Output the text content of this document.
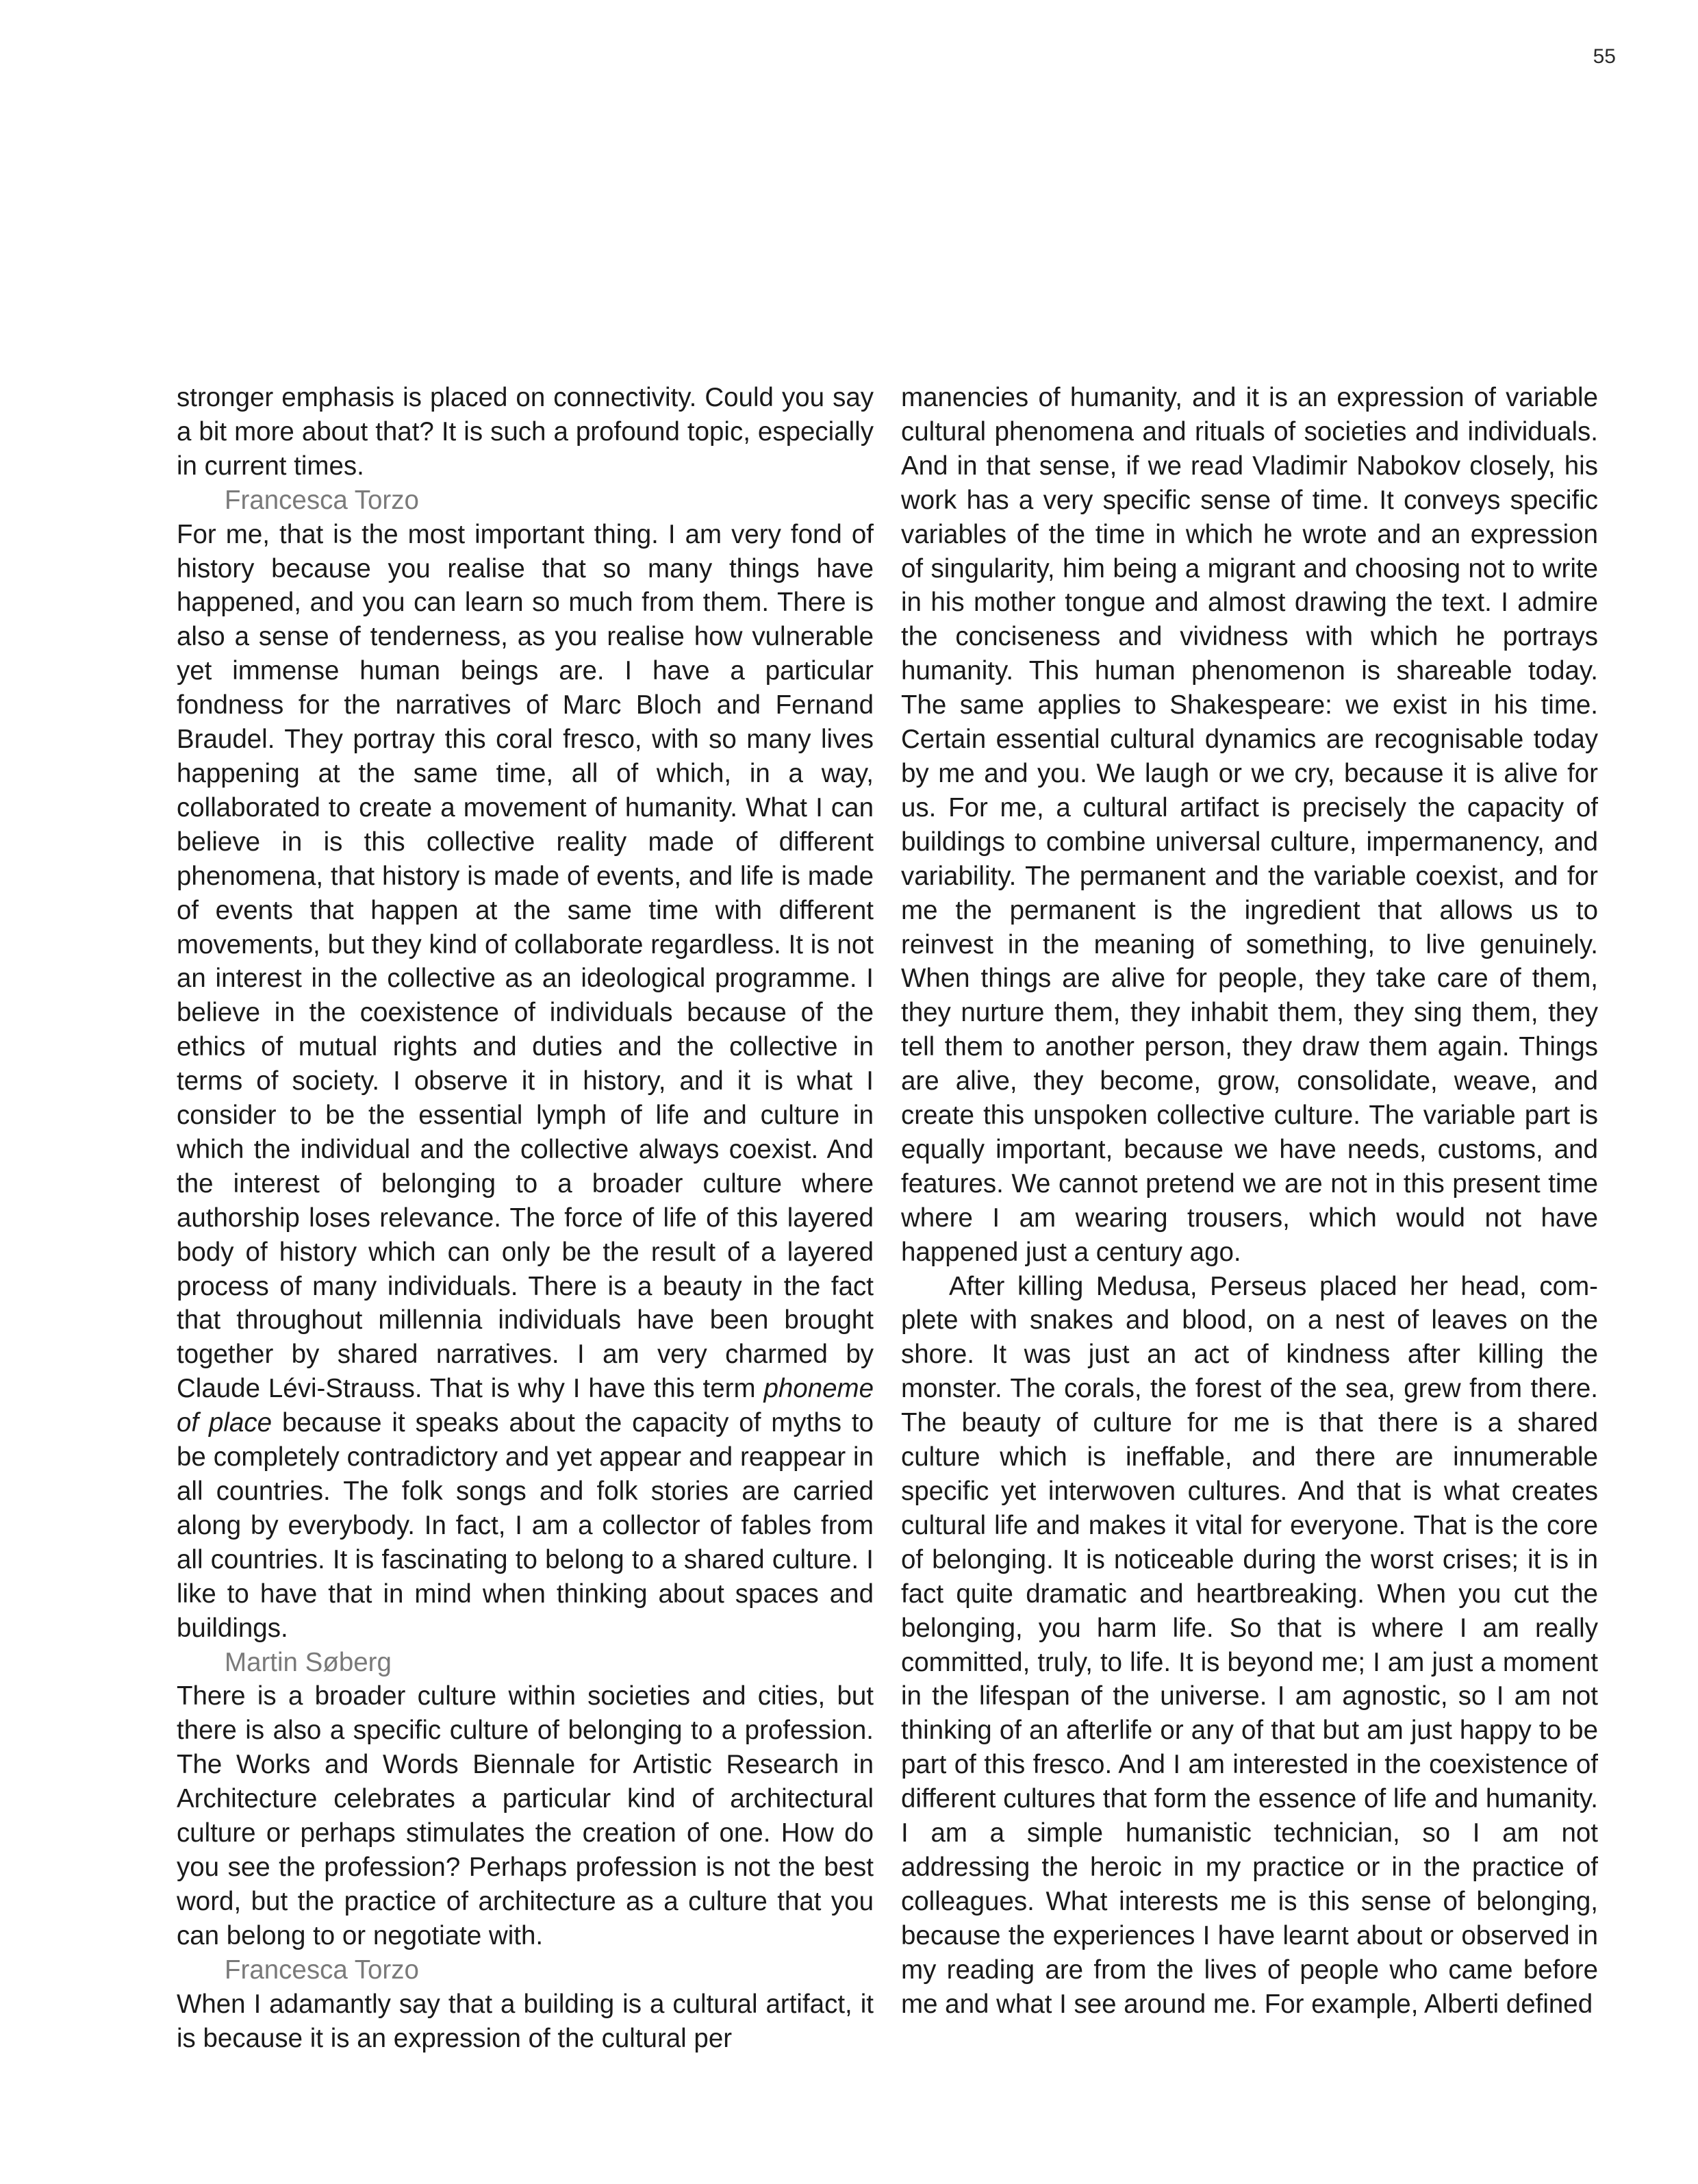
55

stronger emphasis is placed on connectivity. Could you say a bit more about that? It is such a profound topic, especially in current times.

Francesca Torzo

For me, that is the most important thing. I am very fond of history because you realise that so many things have happened, and you can learn so much from them. There is also a sense of tenderness, as you realise how vulnerable yet immense human beings are. I have a particular fondness for the narratives of Marc Bloch and Fernand Braudel. They portray this coral fresco, with so many lives happening at the same time, all of which, in a way, collaborated to create a movement of humanity. What I can believe in is this collective reality made of different phenomena, that history is made of events, and life is made of events that happen at the same time with different movements, but they kind of collaborate regardless. It is not an interest in the collective as an ideological programme. I believe in the coexistence of individuals because of the ethics of mutual rights and duties and the collective in terms of society. I observe it in history, and it is what I consider to be the essential lymph of life and culture in which the individual and the collective always coexist. And the interest of belonging to a broader culture where authorship loses relevance. The force of life of this layered body of history which can only be the result of a layered process of many individuals. There is a beauty in the fact that throughout millennia individuals have been brought together by shared narratives. I am very charmed by Claude Lévi-Strauss. That is why I have this term phoneme of place because it speaks about the capacity of myths to be completely contradictory and yet appear and reappear in all countries. The folk songs and folk stories are carried along by everybody. In fact, I am a collector of fables from all countries. It is fascinating to belong to a shared culture. I like to have that in mind when thinking about spaces and buildings.

Martin Søberg

There is a broader culture within societies and cities, but there is also a specific culture of belonging to a profession. The Works and Words Biennale for Artistic Research in Architecture celebrates a particular kind of architectural culture or perhaps stimulates the creation of one. How do you see the profession? Perhaps profession is not the best word, but the practice of architecture as a culture that you can belong to or negotiate with.

Francesca Torzo

When I adamantly say that a building is a cultural artifact, it is because it is an expression of the cultural per

manencies of humanity, and it is an expression of variable cultural phenomena and rituals of societies and individuals. And in that sense, if we read Vladimir Nabokov closely, his work has a very specific sense of time. It conveys specific variables of the time in which he wrote and an expression of singularity, him being a migrant and choosing not to write in his mother tongue and almost drawing the text. I admire the conciseness and vividness with which he portrays humanity. This human phenomenon is shareable today. The same applies to Shakespeare: we exist in his time. Certain essential cultural dynamics are recognisable today by me and you. We laugh or we cry, because it is alive for us. For me, a cultural artifact is precisely the capacity of buildings to combine universal culture, impermanency, and variability. The permanent and the variable coexist, and for me the permanent is the ingredient that allows us to reinvest in the meaning of something, to live genuinely. When things are alive for people, they take care of them, they nurture them, they inhabit them, they sing them, they tell them to another person, they draw them again. Things are alive, they become, grow, consolidate, weave, and create this unspoken collective culture. The variable part is equally important, because we have needs, customs, and features. We cannot pretend we are not in this present time where I am wearing trousers, which would not have happened just a century ago.

After killing Medusa, Perseus placed her head, complete with snakes and blood, on a nest of leaves on the shore. It was just an act of kindness after killing the monster. The corals, the forest of the sea, grew from there. The beauty of culture for me is that there is a shared culture which is ineffable, and there are innumerable specific yet interwoven cultures. And that is what creates cultural life and makes it vital for everyone. That is the core of belonging. It is noticeable during the worst crises; it is in fact quite dramatic and heartbreaking. When you cut the belonging, you harm life. So that is where I am really committed, truly, to life. It is beyond me; I am just a moment in the lifespan of the universe. I am agnostic, so I am not thinking of an afterlife or any of that but am just happy to be part of this fresco. And I am interested in the coexistence of different cultures that form the essence of life and humanity. I am a simple humanistic technician, so I am not addressing the heroic in my practice or in the practice of colleagues. What interests me is this sense of belonging, because the experiences I have learnt about or observed in my reading are from the lives of people who came before me and what I see around me. For example, Alberti defined
